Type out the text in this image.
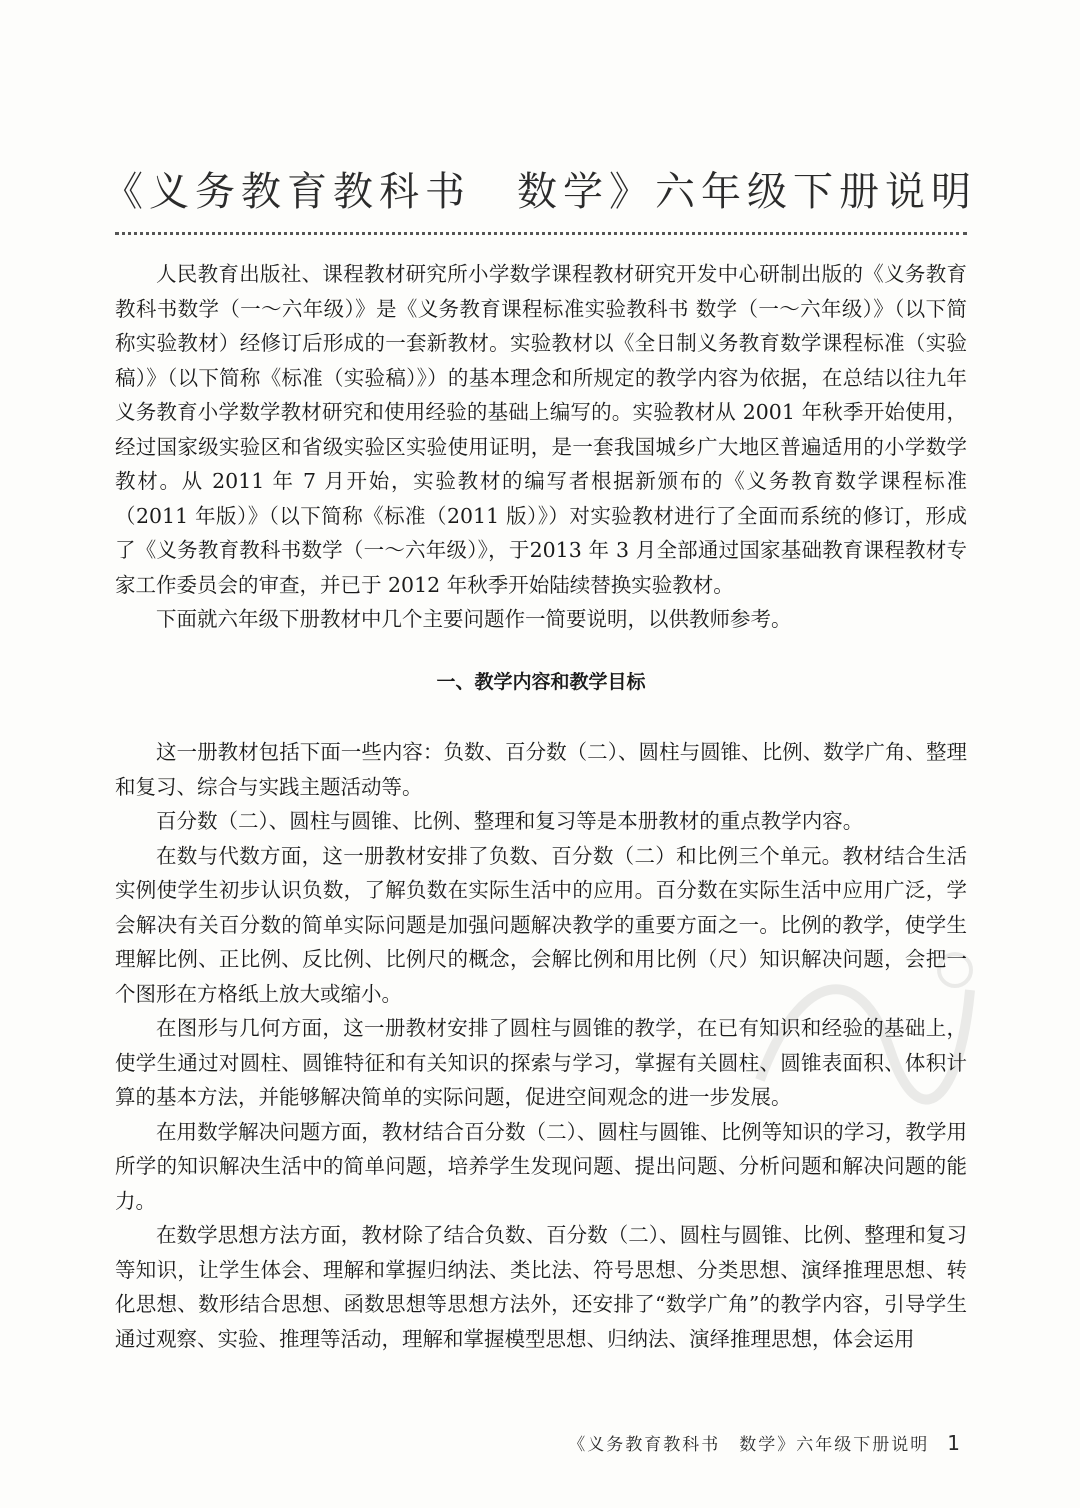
《义务教育教科书　数学》六年级下册说明

人民教育出版社、课程教材研究所小学数学课程教材研究开发中心研制出版的《义务教育教科书数学（一～六年级）》是《义务教育课程标准实验教科书 数学（一～六年级）》（以下简称实验教材）经修订后形成的一套新教材。实验教材以《全日制义务教育数学课程标准（实验稿）》（以下简称《标准（实验稿）》）的基本理念和所规定的教学内容为依据，在总结以往九年义务教育小学数学教材研究和使用经验的基础上编写的。实验教材从 2001 年秋季开始使用，经过国家级实验区和省级实验区实验使用证明，是一套我国城乡广大地区普遍适用的小学数学教材。从 2011 年 7 月开始，实验教材的编写者根据新颁布的《义务教育数学课程标准（2011 年版）》（以下简称《标准（2011 版）》）对实验教材进行了全面而系统的修订，形成了《义务教育教科书数学（一～六年级）》，于2013 年 3 月全部通过国家基础教育课程教材专家工作委员会的审查，并已于 2012 年秋季开始陆续替换实验教材。

下面就六年级下册教材中几个主要问题作一简要说明，以供教师参考。

一、教学内容和教学目标

这一册教材包括下面一些内容：负数、百分数（二）、圆柱与圆锥、比例、数学广角、整理和复习、综合与实践主题活动等。

百分数（二）、圆柱与圆锥、比例、整理和复习等是本册教材的重点教学内容。

在数与代数方面，这一册教材安排了负数、百分数（二）和比例三个单元。教材结合生活实例使学生初步认识负数，了解负数在实际生活中的应用。百分数在实际生活中应用广泛，学会解决有关百分数的简单实际问题是加强问题解决教学的重要方面之一。比例的教学，使学生理解比例、正比例、反比例、比例尺的概念，会解比例和用比例（尺）知识解决问题，会把一个图形在方格纸上放大或缩小。

在图形与几何方面，这一册教材安排了圆柱与圆锥的教学，在已有知识和经验的基础上，使学生通过对圆柱、圆锥特征和有关知识的探索与学习，掌握有关圆柱、圆锥表面积、体积计算的基本方法，并能够解决简单的实际问题，促进空间观念的进一步发展。

在用数学解决问题方面，教材结合百分数（二）、圆柱与圆锥、比例等知识的学习，教学用所学的知识解决生活中的简单问题，培养学生发现问题、提出问题、分析问题和解决问题的能力。

在数学思想方法方面，教材除了结合负数、百分数（二）、圆柱与圆锥、比例、整理和复习等知识，让学生体会、理解和掌握归纳法、类比法、符号思想、分类思想、演绎推理思想、转化思想、数形结合思想、函数思想等思想方法外，还安排了“数学广角”的教学内容，引导学生通过观察、实验、推理等活动，理解和掌握模型思想、归纳法、演绎推理思想，体会运用

《义务教育教科书　数学》六年级下册说明 1
